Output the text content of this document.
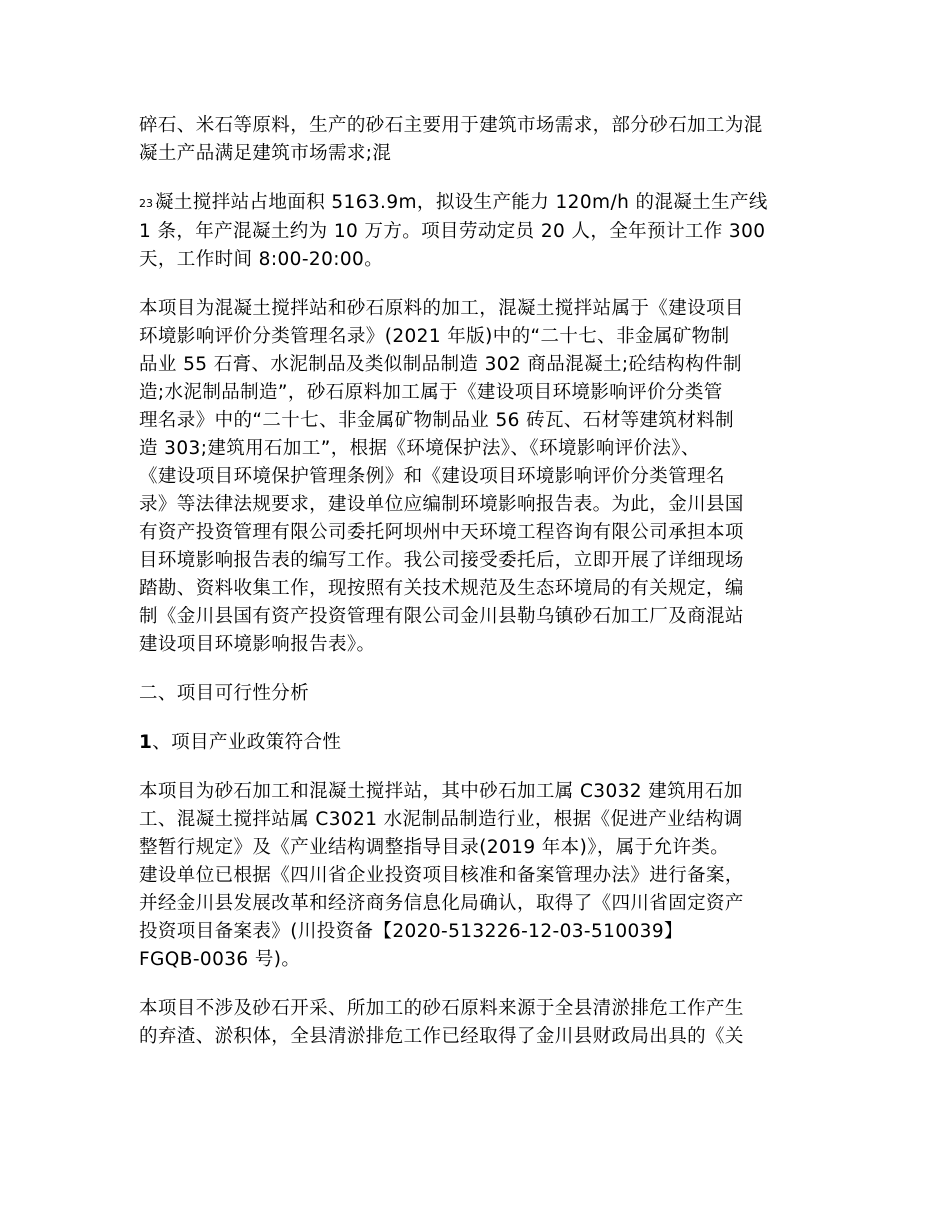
碎石、米石等原料，生产的砂石主要用于建筑市场需求，部分砂石加工为混
凝土产品满足建筑市场需求;混

23 凝土搅拌站占地面积 5163.9m，拟设生产能力 120m/h 的混凝土生产线
1 条，年产混凝土约为 10 万方。项目劳动定员 20 人，全年预计工作 300
天，工作时间 8:00-20:00。

本项目为混凝土搅拌站和砂石原料的加工，混凝土搅拌站属于《建设项目
环境影响评价分类管理名录》(2021 年版)中的“二十七、非金属矿物制
品业 55 石膏、水泥制品及类似制品制造 302 商品混凝土;砼结构构件制
造;水泥制品制造”，砂石原料加工属于《建设项目环境影响评价分类管
理名录》中的“二十七、非金属矿物制品业 56 砖瓦、石材等建筑材料制
造 303;建筑用石加工”，根据《环境保护法》、《环境影响评价法》、
《建设项目环境保护管理条例》和《建设项目环境影响评价分类管理名
录》等法律法规要求，建设单位应编制环境影响报告表。为此，金川县国
有资产投资管理有限公司委托阿坝州中天环境工程咨询有限公司承担本项
目环境影响报告表的编写工作。我公司接受委托后，立即开展了详细现场
踏勘、资料收集工作，现按照有关技术规范及生态环境局的有关规定，编
制《金川县国有资产投资管理有限公司金川县勒乌镇砂石加工厂及商混站
建设项目环境影响报告表》。

二、项目可行性分析

1、项目产业政策符合性

本项目为砂石加工和混凝土搅拌站，其中砂石加工属 C3032 建筑用石加
工、混凝土搅拌站属 C3021 水泥制品制造行业，根据《促进产业结构调
整暂行规定》及《产业结构调整指导目录(2019 年本)》，属于允许类。
建设单位已根据《四川省企业投资项目核准和备案管理办法》进行备案，
并经金川县发展改革和经济商务信息化局确认，取得了《四川省固定资产
投资项目备案表》(川投资备【2020-513226-12-03-510039】
FGQB-0036 号)。

本项目不涉及砂石开采、所加工的砂石原料来源于全县清淤排危工作产生
的弃渣、淤积体，全县清淤排危工作已经取得了金川县财政局出具的《关
